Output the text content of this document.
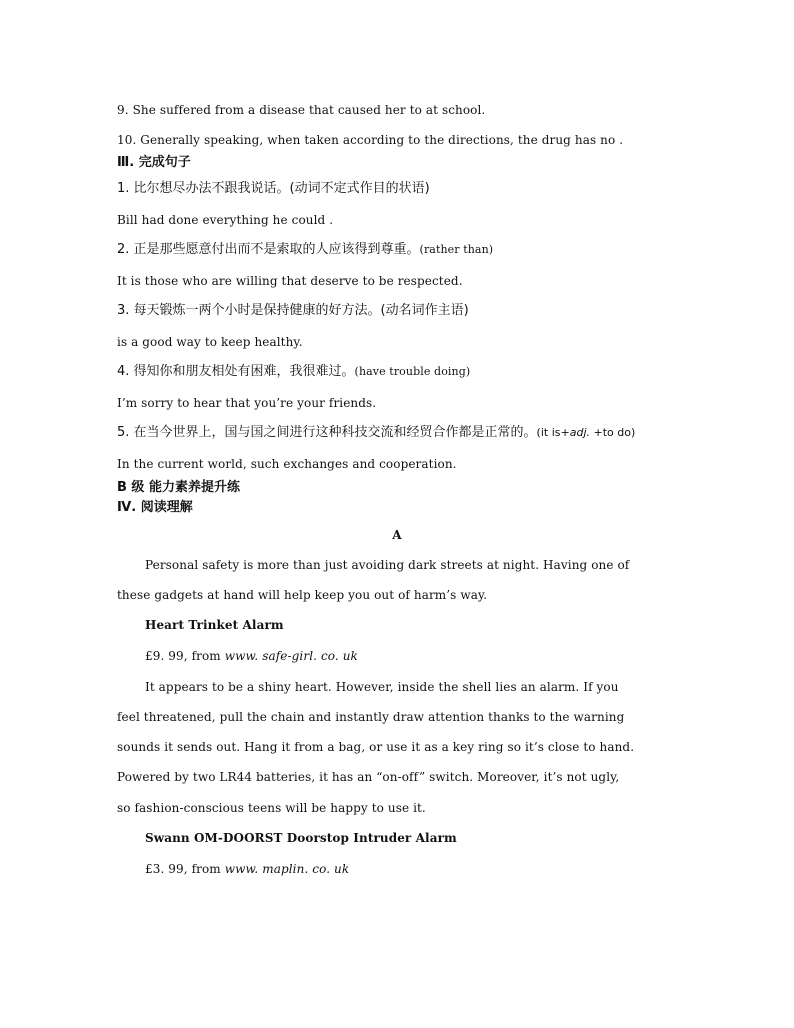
9. She suffered from a disease that caused her to at school.
10. Generally speaking, when taken according to the directions, the drug has no .
Ⅲ. 完成句子
1. 比尔想尽办法不跟我说话。(动词不定式作目的状语)
Bill had done everything he could .
2. 正是那些愿意付出而不是索取的人应该得到尊重。(rather than)
It is those who are willing that deserve to be respected.
3. 每天锻炼一两个小时是保持健康的好方法。(动名词作主语)
is a good way to keep healthy.
4. 得知你和朋友相处有困难，我很难过。(have trouble doing)
I’m sorry to hear that you’re your friends.
5. 在当今世界上，国与国之间进行这种科技交流和经贸合作都是正常的。(it is+adj. +to do)
In the current world, such exchanges and cooperation.
B 级 能力素养提升练
Ⅳ. 阅读理解
A
Personal safety is more than just avoiding dark streets at night. Having one of
these gadgets at hand will help keep you out of harm’s way.
Heart Trinket Alarm
£9. 99, from www. safe-girl. co. uk
It appears to be a shiny heart. However, inside the shell lies an alarm. If you
feel threatened, pull the chain and instantly draw attention thanks to the warning
sounds it sends out. Hang it from a bag, or use it as a key ring so it’s close to hand.
Powered by two LR44 batteries, it has an “on-off” switch. Moreover, it’s not ugly,
so fashion-conscious teens will be happy to use it.
Swann OM-DOORST Doorstop Intruder Alarm
£3. 99, from www. maplin. co. uk
